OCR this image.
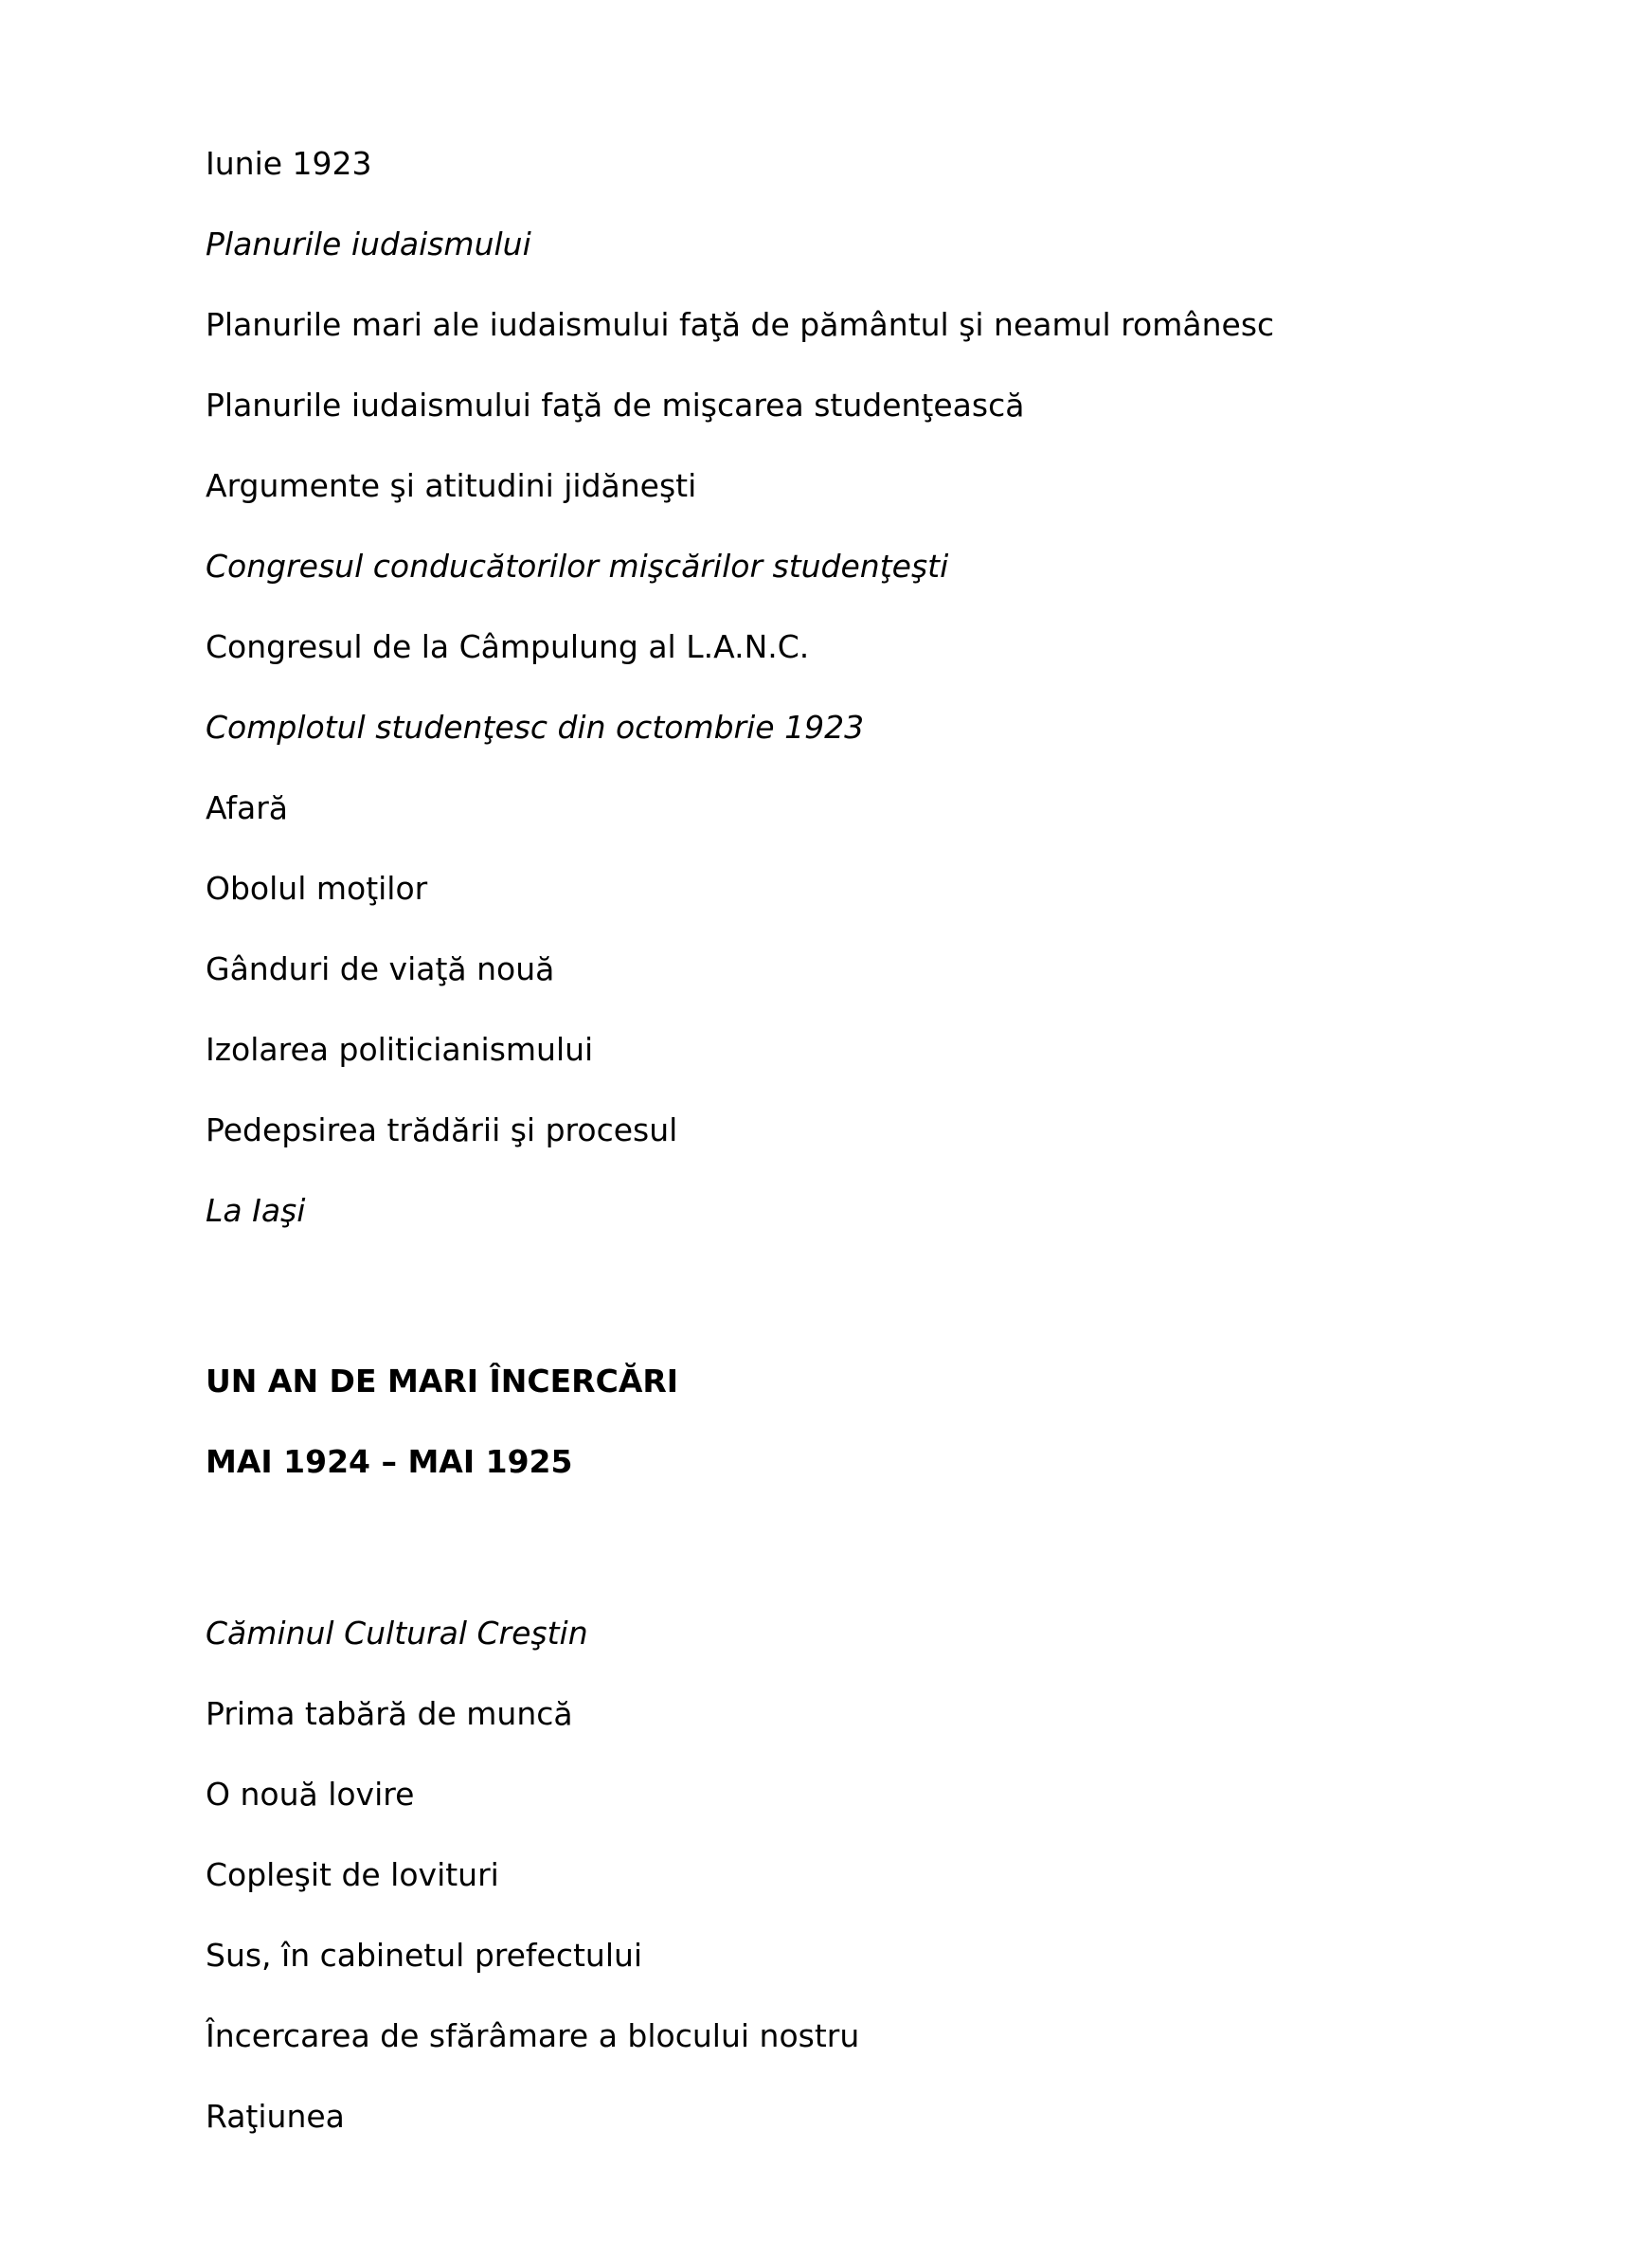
Iunie 1923

Planurile iudaismului

Planurile mari ale iudaismului faţă de pământul şi neamul românesc

Planurile iudaismului faţă de mişcarea studenţească

Argumente şi atitudini jidăneşti

Congresul conducătorilor mişcărilor studenţeşti

Congresul de la Câmpulung al L.A.N.C.

Complotul studenţesc din octombrie 1923

Afară

Obolul moţilor

Gânduri de viaţă nouă

Izolarea politicianismului

Pedepsirea trădării şi procesul

La Iaşi

UN AN DE MARI ÎNCERCĂRI

MAI 1924 – MAI 1925

Căminul Cultural Creştin

Prima tabără de muncă

O nouă lovire

Copleşit de lovituri

Sus, în cabinetul prefectului

Încercarea de sfărâmare a blocului nostru

Raţiunea
